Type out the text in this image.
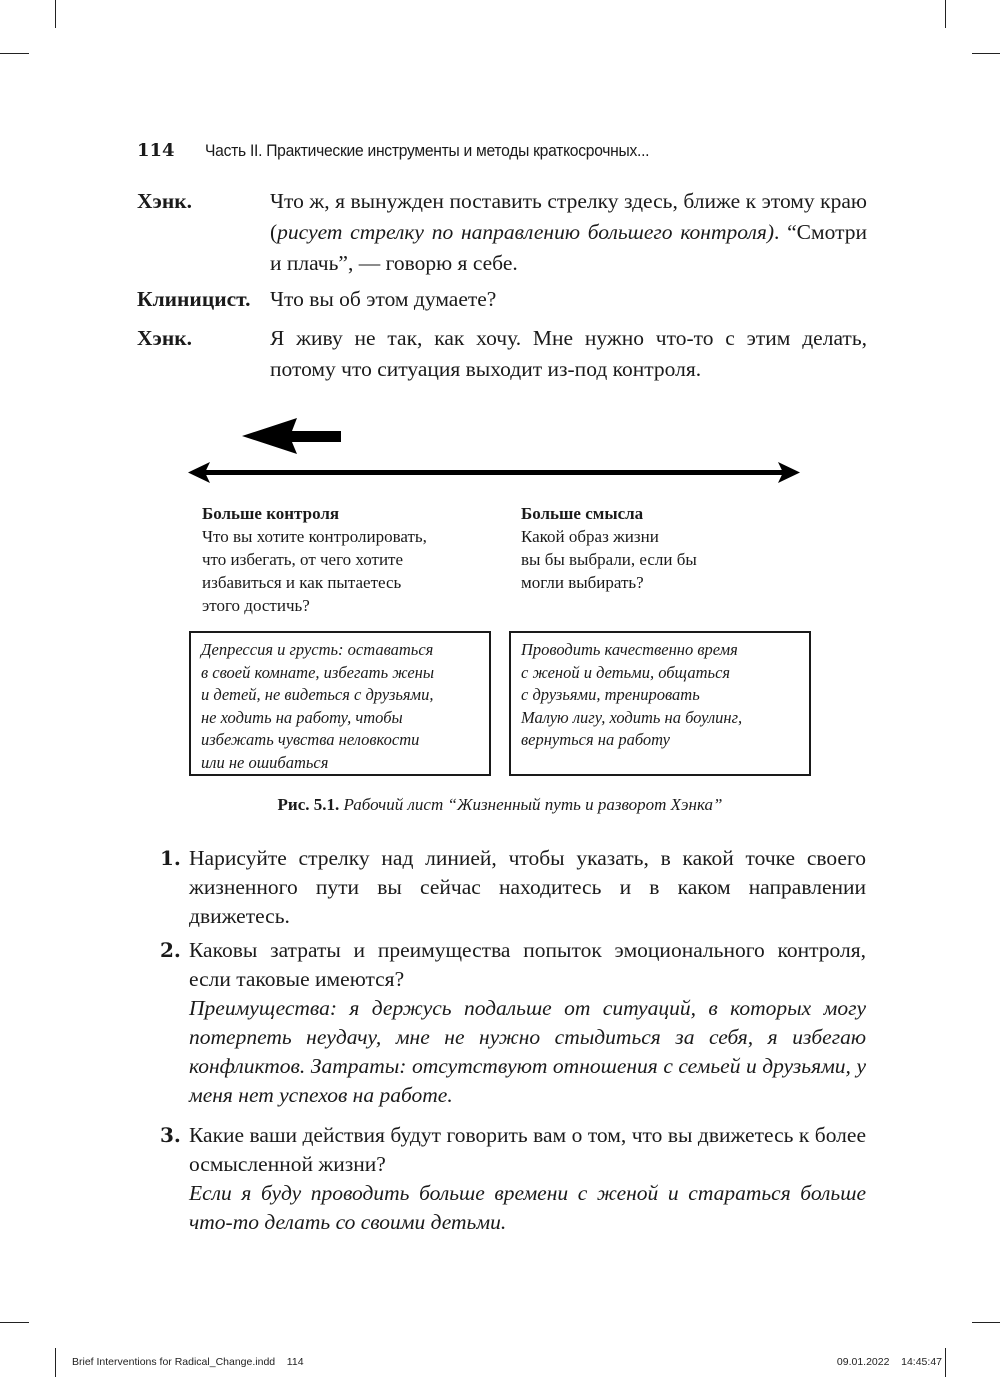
114 Часть II. Практические инструменты и методы краткосрочных...
Хэнк.	Что ж, я вынужден поставить стрелку здесь, ближе к этому краю (рисует стрелку по направлению большего контроля). “Смотри и плачь”, — говорю я себе.

Клиницист. Что вы об этом думаете?

Хэнк.	Я живу не так, как хочу. Мне нужно что-то с этим делать, потому что ситуация выходит из-под контроля.

Больше контроля
Что вы хотите контролировать,
что избегать, от чего хотите
избавиться и как пытаетесь
этого достичь?
Больше смысла
Какой образ жизни
вы бы выбрали, если бы
могли выбирать?
Депрессия и грусть: оставаться
в своей комнате, избегать жены
и детей, не видеться с друзьями,
не ходить на работу, чтобы
избежать чувства неловкости
или не ошибаться
Проводить качественно время
с женой и детьми, общаться
с друзьями, тренировать
Малую лигу, ходить на боулинг,
вернуться на работу
Рис. 5.1. Рабочий лист “Жизненный путь и разворот Хэнка”
1. Нарисуйте стрелку над линией, чтобы указать, в какой точке своего жизненного пути вы сейчас находитесь и в каком направлении движетесь.

2. Каковы затраты и преимущества попыток эмоционального контроля, если таковые имеются?

Преимущества: я держусь подальше от ситуаций, в которых могу потерпеть неудачу, мне не нужно стыдиться за себя, я избегаю конфликтов. Затраты: отсутствуют отношения с семьей и друзьями, у меня нет успехов на работе.

3. Какие ваши действия будут говорить вам о том, что вы движетесь к более осмысленной жизни?

Если я буду проводить больше времени с женой и стараться больше что-то делать со своими детьми.

Brief Interventions for Radical_Change.indd 114	09.01.2022 14:45:47
